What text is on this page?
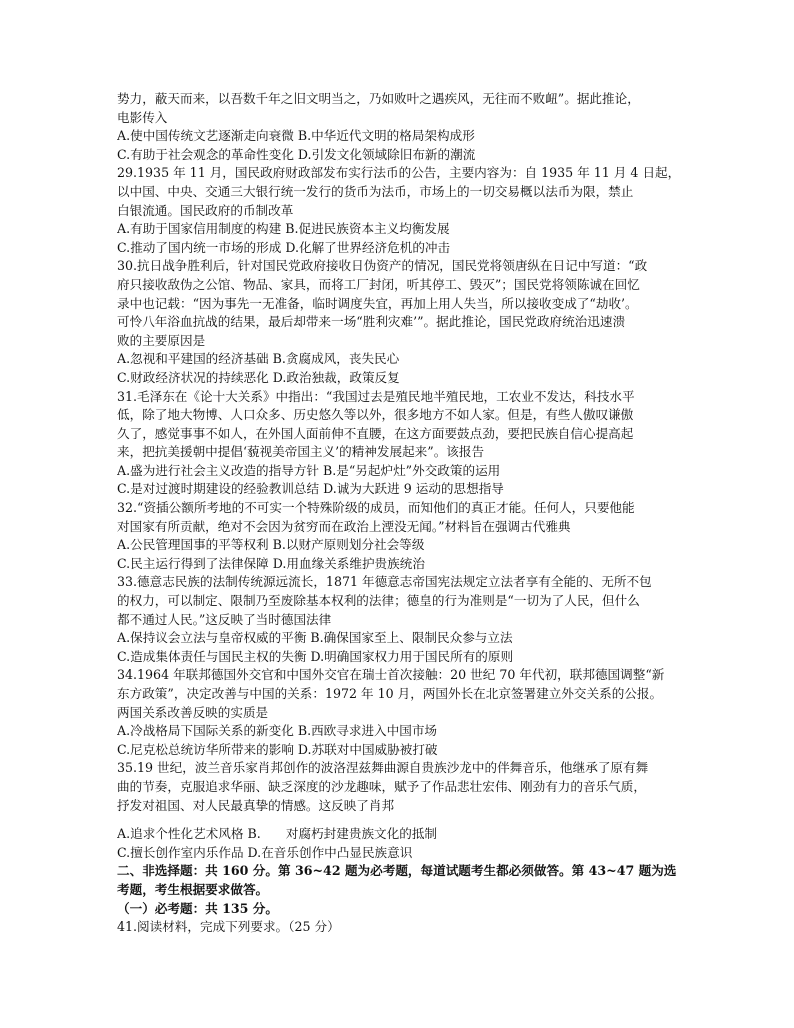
势力，蔽天而来，以吾数千年之旧文明当之，乃如败叶之遇疾风，无往而不败衄”。据此推论，
电影传入
A.使中国传统文艺逐渐走向衰微 B.中华近代文明的格局架构成形
C.有助于社会观念的革命性变化 D.引发文化领域除旧布新的潮流
29.1935 年 11 月，国民政府财政部发布实行法币的公告，主要内容为：自 1935 年 11 月 4 日起，
以中国、中央、交通三大银行统一发行的货币为法币，市场上的一切交易概以法币为限，禁止
白银流通。国民政府的币制改革
A.有助于国家信用制度的构建 B.促进民族资本主义均衡发展
C.推动了国内统一市场的形成 D.化解了世界经济危机的冲击
30.抗日战争胜利后，针对国民党政府接收日伪资产的情况，国民党将领唐纵在日记中写道：“政
府只接收敌伪之公馆、物品、家具，而将工厂封闭，听其停工、毁灭”；国民党将领陈诚在回忆
录中也记载：“因为事先一无准备，临时调度失宜，再加上用人失当，所以接收变成了“劫收’。
可怜八年浴血抗战的结果，最后却带来一场“胜利灾难’”。据此推论，国民党政府统治迅速溃
败的主要原因是
A.忽视和平建国的经济基础 B.贪腐成风，丧失民心
C.财政经济状况的持续恶化 D.政治独裁，政策反复
31.毛泽东在《论十大关系》中指出：“我国过去是殖民地半殖民地，工农业不发达，科技水平
低，除了地大物博、人口众多、历史悠久等以外，很多地方不如人家。但是，有些人傲叹谦傲
久了，感觉事事不如人，在外国人面前伸不直腰，在这方面要鼓点劲，要把民族自信心提高起
来，把抗美援朝中提倡‘藐视美帝国主义’的精神发展起来”。该报告
A.盛为进行社会主义改造的指导方针 B.是“另起炉灶”外交政策的运用
C.是对过渡时期建设的经验教训总结 D.诚为大跃进 9 运动的思想指导
32.“资插公额所考地的不可实一个特殊阶级的成员，而知他们的真正才能。任何人，只要他能
对国家有所贡献，绝对不会因为贫穷而在政治上湮没无闻。”材料旨在强调古代雅典
A.公民管理国事的平等权利 B.以财产原则划分社会等级
C.民主运行得到了法律保障 D.用血缘关系维护贵族统治
33.德意志民族的法制传统源远流长，1871 年德意志帝国宪法规定立法者享有全能的、无所不包
的权力，可以制定、限制乃至废除基本权利的法律；德皇的行为准则是“一切为了人民，但什么
都不通过人民。”这反映了当时德国法律
A.保持议会立法与皇帝权威的平衡 B.确保国家至上、限制民众参与立法
C.造成集体责任与国民主权的失衡 D.明确国家权力用于国民所有的原则
34.1964 年联邦德国外交官和中国外交官在瑞士首次接触：20 世纪 70 年代初，联邦德国调整“新
东方政策”，决定改善与中国的关系：1972 年 10 月，两国外长在北京签署建立外交关系的公报。
两国关系改善反映的实质是
A.冷战格局下国际关系的新变化 B.西欧寻求进入中国市场
C.尼克松总统访华所带来的影响 D.苏联对中国威胁被打破
35.19 世纪，波兰音乐家肖邦创作的波洛涅兹舞曲源自贵族沙龙中的伴舞音乐，他继承了原有舞
曲的节奏，克服追求华丽、缺乏深度的沙龙趣味，赋予了作品悲壮宏伟、刚劲有力的音乐气质，
抒发对祖国、对人民最真挚的情感。这反映了肖邦
A.追求个性化艺术风格 B.　　对腐朽封建贵族文化的抵制
C.擅长创作室内乐作品 D.在音乐创作中凸显民族意识
二、非选择题：共 160 分。第 36~42 题为必考题，每道试题考生都必须做答。第 43~47 题为选
考题，考生根据要求做答。
（一）必考题：共 135 分。
41.阅读材料，完成下列要求。（25 分）
